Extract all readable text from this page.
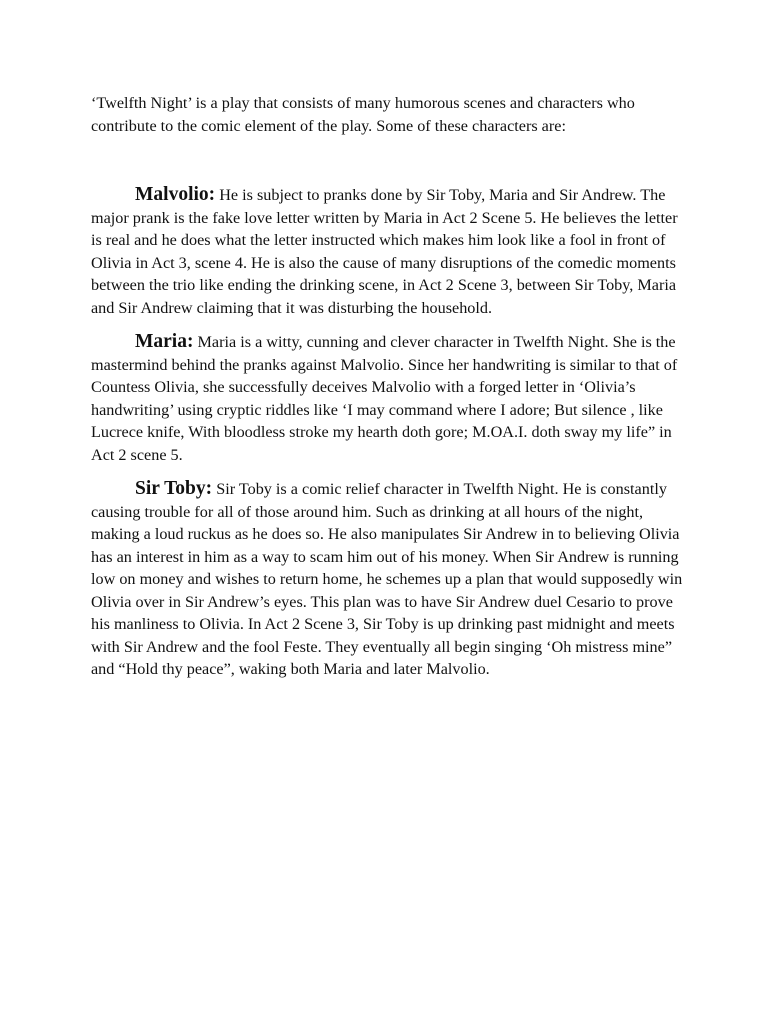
‘Twelfth Night’ is a play that consists of many humorous scenes and characters who contribute to the comic element of the play. Some of these characters are:

Malvolio: He is subject to pranks done by Sir Toby, Maria and Sir Andrew. The major prank is the fake love letter written by Maria in Act 2 Scene 5. He believes the letter is real and he does what the letter instructed which makes him look like a fool in front of Olivia in Act 3, scene 4. He is also the cause of many disruptions of the comedic moments between the trio like ending the drinking scene, in Act 2 Scene 3, between Sir Toby, Maria and Sir Andrew claiming that it was disturbing the household.

Maria: Maria is a witty, cunning and clever character in Twelfth Night. She is the mastermind behind the pranks against Malvolio. Since her handwriting is similar to that of Countess Olivia, she successfully deceives Malvolio with a forged letter in ‘Olivia’s handwriting’ using cryptic riddles like ‘I may command where I adore; But silence , like Lucrece knife, With bloodless stroke my hearth doth gore; M.OA.I. doth sway my life” in Act 2 scene 5.

Sir Toby: Sir Toby is a comic relief character in Twelfth Night. He is constantly causing trouble for all of those around him. Such as drinking at all hours of the night, making a loud ruckus as he does so. He also manipulates Sir Andrew in to believing Olivia has an interest in him as a way to scam him out of his money. When Sir Andrew is running low on money and wishes to return home, he schemes up a plan that would supposedly win Olivia over in Sir Andrew’s eyes. This plan was to have Sir Andrew duel Cesario to prove his manliness to Olivia. In Act 2 Scene 3, Sir Toby is up drinking past midnight and meets with Sir Andrew and the fool Feste. They eventually all begin singing ‘Oh mistress mine” and “Hold thy peace”, waking both Maria and later Malvolio.
